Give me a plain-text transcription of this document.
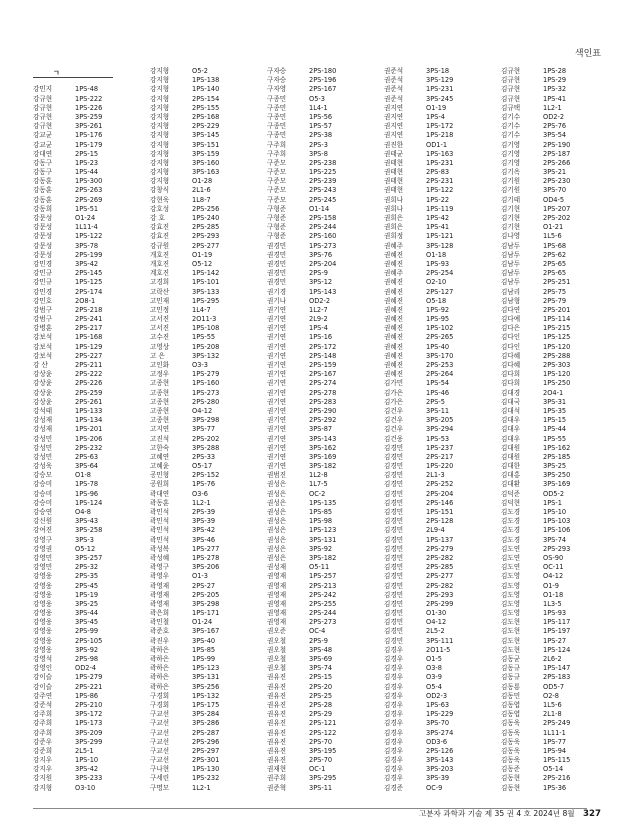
색인표
ㄱ
강민지	1PS-48
강규현	1PS-222
강규현	1PS-226
강규현	3PS-259
강규현	3PS-261
강교균	1PS-176
강교균	1PS-179
강대연	2PS-15
강동구	1PS-23
강동구	1PS-44
강동훈	1PS-300
강동훈	2PS-263
강동훈	2PS-269
강동희	1PS-51
강문성	O1-24
강문성	1L11-4
강문성	1PS-122
강문성	3PS-78
강문성	2PS-199
강민경	3PS-42
강민규	2PS-145
강민규	1PS-125
강민경	2PS-174
강민호	2O8-1
강범구	2PS-218
강범구	2PS-241
강병훈	2PS-217
강보석	1PS-168
강보석	1PS-129
강보석	2PS-227
강 산	2PS-211
강상윤	2PS-222
강상윤	2PS-226
강상윤	2PS-259
강상윤	2PS-261
강석태	1PS-133
강성재	1PS-134
강성재	1PS-201
강성민	1PS-206
강성민	2PS-232
강성민	2PS-63
강성욱	3PS-64
강승모	O1-8
강승미	1PS-78
강승미	1PS-96
강승미	1PS-124
강승연	O4-8
강신원	3PS-43
강여진	3PS-258
강영구	3PS-3
강영권	O5-12
강영민	3PS-257
강영민	2PS-32
강영웅	2PS-35
강영웅	2PS-45
강영웅	1PS-19
강영웅	3PS-25
강영웅	3PS-44
강영웅	3PS-45
강영웅	2PS-99
강영웅	2PS-105
강영웅	3PS-92
강영석	2PS-98
강영인	OD2-4
강이슬	1PS-279
강이슬	2PS-221
강주연	1PS-86
강준석	2PS-210
강주희	3PS-172
강주희	1PS-173
강주희	3PS-209
강준우	3PS-299
강준희	2L5-1
강지우	1PS-10
강지우	3PS-42
강지원	3PS-233
강지형	O3-10
강지형	O5-2
강지형	1PS-138
강지형	1PS-140
강지형	2PS-154
강지형	2PS-155
강지형	2PS-168
강지형	2PS-229
강지형	3PS-145
강지형	3PS-151
강지형	3PS-159
강지형	3PS-160
강지형	3PS-163
강지형	O1-28
강창식	2L1-6
강현욱	1L8-7
강호성	2PS-256
강 호	1PS-240
강효진	2PS-285
강효진	2PS-293
강규원	2PS-277
개호진	O1-19
개호진	O5-12
계호진	1PS-142
고경희	1PS-101
고락산	3PS-133
고민재	1PS-295
고민정	1L4-7
고서진	2O11-3
고서진	1PS-108
고수진	1PS-55
고영상	1PS-208
고 은	3PS-132
고인화	O3-3
고정우	1PS-279
고종현	1PS-160
고종현	1PS-273
고종현	2PS-280
고종현	O4-12
고종현	3PS-298
고지연	3PS-77
고진석	2PS-202
고한숙	3PS-288
고혜연	2PS-33
고혜윤	O5-17
공민형	2PS-152
공원희	1PS-76
곽대연	O3-6
곽동훈	1L2-1
곽민석	2PS-39
곽민석	3PS-39
곽민석	3PS-42
곽민석	3PS-46
곽성복	1PS-277
곽성혜	1PS-278
곽영구	3PS-206
곽영우	O1-3
곽영재	2PS-27
곽영재	2PS-205
곽영재	3PS-298
곽은희	1PS-171
곽민철	O1-24
곽준호	3PS-167
곽진우	3PS-40
곽하은	1PS-85
곽하은	1PS-99
곽하은	1PS-123
곽하은	3PS-131
곽하은	3PS-256
구경회	1PS-132
구경회	1PS-175
구교선	3PS-284
구교선	3PS-286
구교선	2PS-287
구교선	2PS-296
구교선	2PS-297
구교선	2PS-301
구나현	1PS-130
구세린	1PS-232
구명모	1L2-1
구자승	2PS-180
구자승	2PS-196
구자영	2PS-167
구종민	O5-3
구종민	1L4-1
구종민	1PS-56
구종민	1PS-57
구종민	2PS-38
구주희	2PS-3
구주희	3PS-8
구준모	2PS-238
구준모	1PS-225
구준모	2PS-239
구준모	2PS-243
구준모	2PS-245
구형준	O1-14
구형준	2PS-158
구형준	2PS-244
구형준	2PS-160
권경민	1PS-273
권경민	3PS-76
권경민	2PS-204
권경민	2PS-9
권경민	3PS-12
권기경	1PS-143
권기나	OD2-2
권기연	1L2-7
권기연	2L9-2
권기연	1PS-4
권기연	1PS-16
권기연	2PS-172
권기연	2PS-148
권기연	2PS-159
권기연	2PS-167
권기연	2PS-274
권기연	2PS-278
권기연	2PS-283
권기연	2PS-290
권기연	2PS-292
권기연	3PS-87
권기연	3PS-143
권기연	3PS-162
권기연	3PS-169
권기연	3PS-182
권범진	1L2-8
권성은	1L7-5
권성은	OC-2
권성은	1PS-135
권성은	1PS-85
권성은	1PS-98
권성은	1PS-123
권성은	3PS-131
권성은	3PS-92
권성은	3PS-182
권성재	O5-11
권영재	1PS-257
권영재	2PS-213
권영재	2PS-242
권영재	2PS-255
권영재	2PS-244
권영재	2PS-273
권오준	OC-4
권오철	2PS-9
권오철	3PS-48
권오철	3PS-69
권오철	3PS-74
권유진	2PS-15
권유진	2PS-20
권유진	2PS-25
권유진	2PS-28
권유진	2PS-29
권유진	2PS-121
권유진	2PS-122
권유진	2PS-70
권유진	3PS-195
권유진	2PS-70
권재현	OC-1
권주희	3PS-295
권준혁	3PS-11
권준석	3PS-18
권준석	3PS-129
권준석	1PS-231
권준석	3PS-245
권지연	O1-19
권지연	1PS-4
권지연	1PS-172
권지연	1PS-218
권진한	OD1-1
권태균	1PS-163
권태현	1PS-231
권태현	2PS-83
권태현	2PS-231
권태현	1PS-122
권희나	1PS-22
권희나	1PS-119
권희은	1PS-42
권희은	1PS-41
권희정	1PS-121
권혜주	3PS-128
권혜진	O1-18
권혜진	1PS-93
권혜주	2PS-254
권혜진	O2-10
권혜진	2PS-127
권혜진	O5-18
권혜진	1PS-92
권혜진	1PS-95
권혜진	1PS-102
권혜진	2PS-265
권혜진	1PS-40
권혜진	3PS-170
권혜진	2PS-253
권혜진	2PS-264
김가민	1PS-54
김가은	1PS-46
김가은	2PS-5
김건우	3PS-11
김건우	3PS-205
김건우	3PS-294
김건웅	1PS-53
김경민	1PS-237
김경민	2PS-217
김경민	1PS-220
김경민	2L1-3
김경민	2PS-252
김경민	2PS-204
김경민	2PS-146
김경민	1PS-151
김경민	2PS-128
김경민	2L9-4
김경민	1PS-137
김경민	2PS-279
김경민	2PS-282
김경민	2PS-285
김경민	2PS-277
김경민	2PS-282
김경민	2PS-293
김경민	2PS-299
김경민	O1-30
김경민	O4-12
김경민	2L5-2
김경민	3PS-111
김경우	2O11-5
김경우	O1-5
김경우	O3-8
김경우	O3-9
김경우	O5-4
김경우	OD2-3
김경우	1PS-63
김경우	1PS-229
김경우	3PS-70
김경우	3PS-274
김경우	OD3-6
김경우	2PS-126
김경우	3PS-143
김경우	3PS-203
김경우	3PS-39
김경준	OC-9
김규현	1PS-28
김규현	1PS-29
김규현	1PS-32
김규현	1PS-41
김규택	1L2-1
김기수	OD2-2
김기수	2PS-76
김기수	3PS-54
김기영	2PS-190
김기영	2PS-187
김기영	2PS-266
김기옥	3PS-21
김기원	2PS-230
김기원	3PS-70
김기태	OD4-5
김기현	1PS-207
김기현	2PS-202
김기현	O1-21
김나영	1L5-6
김남두	1PS-68
김남두	2PS-62
김남두	2PS-65
김남두	2PS-65
김남두	2PS-251
김남리	2PS-75
김남형	2PS-79
김다연	2PS-201
김다예	1PS-114
김다은	1PS-215
김다인	1PS-125
김다인	1PS-120
김다혜	2PS-288
김다혜	2PS-303
김다희	1PS-120
김다희	1PS-250
김대경	2O4-1
김대국	3PS-31
김대석	1PS-35
김대우	1PS-15
김대우	1PS-44
김대우	1PS-55
김대원	1PS-162
김대원	2PS-185
김대한	3PS-25
김대홍	3PS-250
김대환	3PS-169
김덕준	OD5-2
김덕현	1PS-1
김도경	1PS-10
김도경	1PS-103
김도경	1PS-106
김도경	3PS-74
김도연	2PS-293
김도연	OS-90
김도연	OC-11
김도영	O4-12
김도영	O1-9
김도영	O1-18
김도영	1L3-5
김도영	1PS-93
김도현	1PS-117
김도현	1PS-197
김도현	1PS-27
김도현	1PS-124
김동균	2L6-2
김동규	1PS-147
김동규	2PS-183
김동룡	OD5-7
김동민	O2-8
김동엽	1L5-6
김동엽	2L1-8
김동욱	2PS-249
김동욱	1L11-1
김동욱	1PS-77
김동욱	1PS-94
김동욱	1PS-115
김동준	O5-14
김동현	2PS-216
김동현	1PS-36
고분자 과학과 기술 제 35 권 4 호 2024년 8월 327
